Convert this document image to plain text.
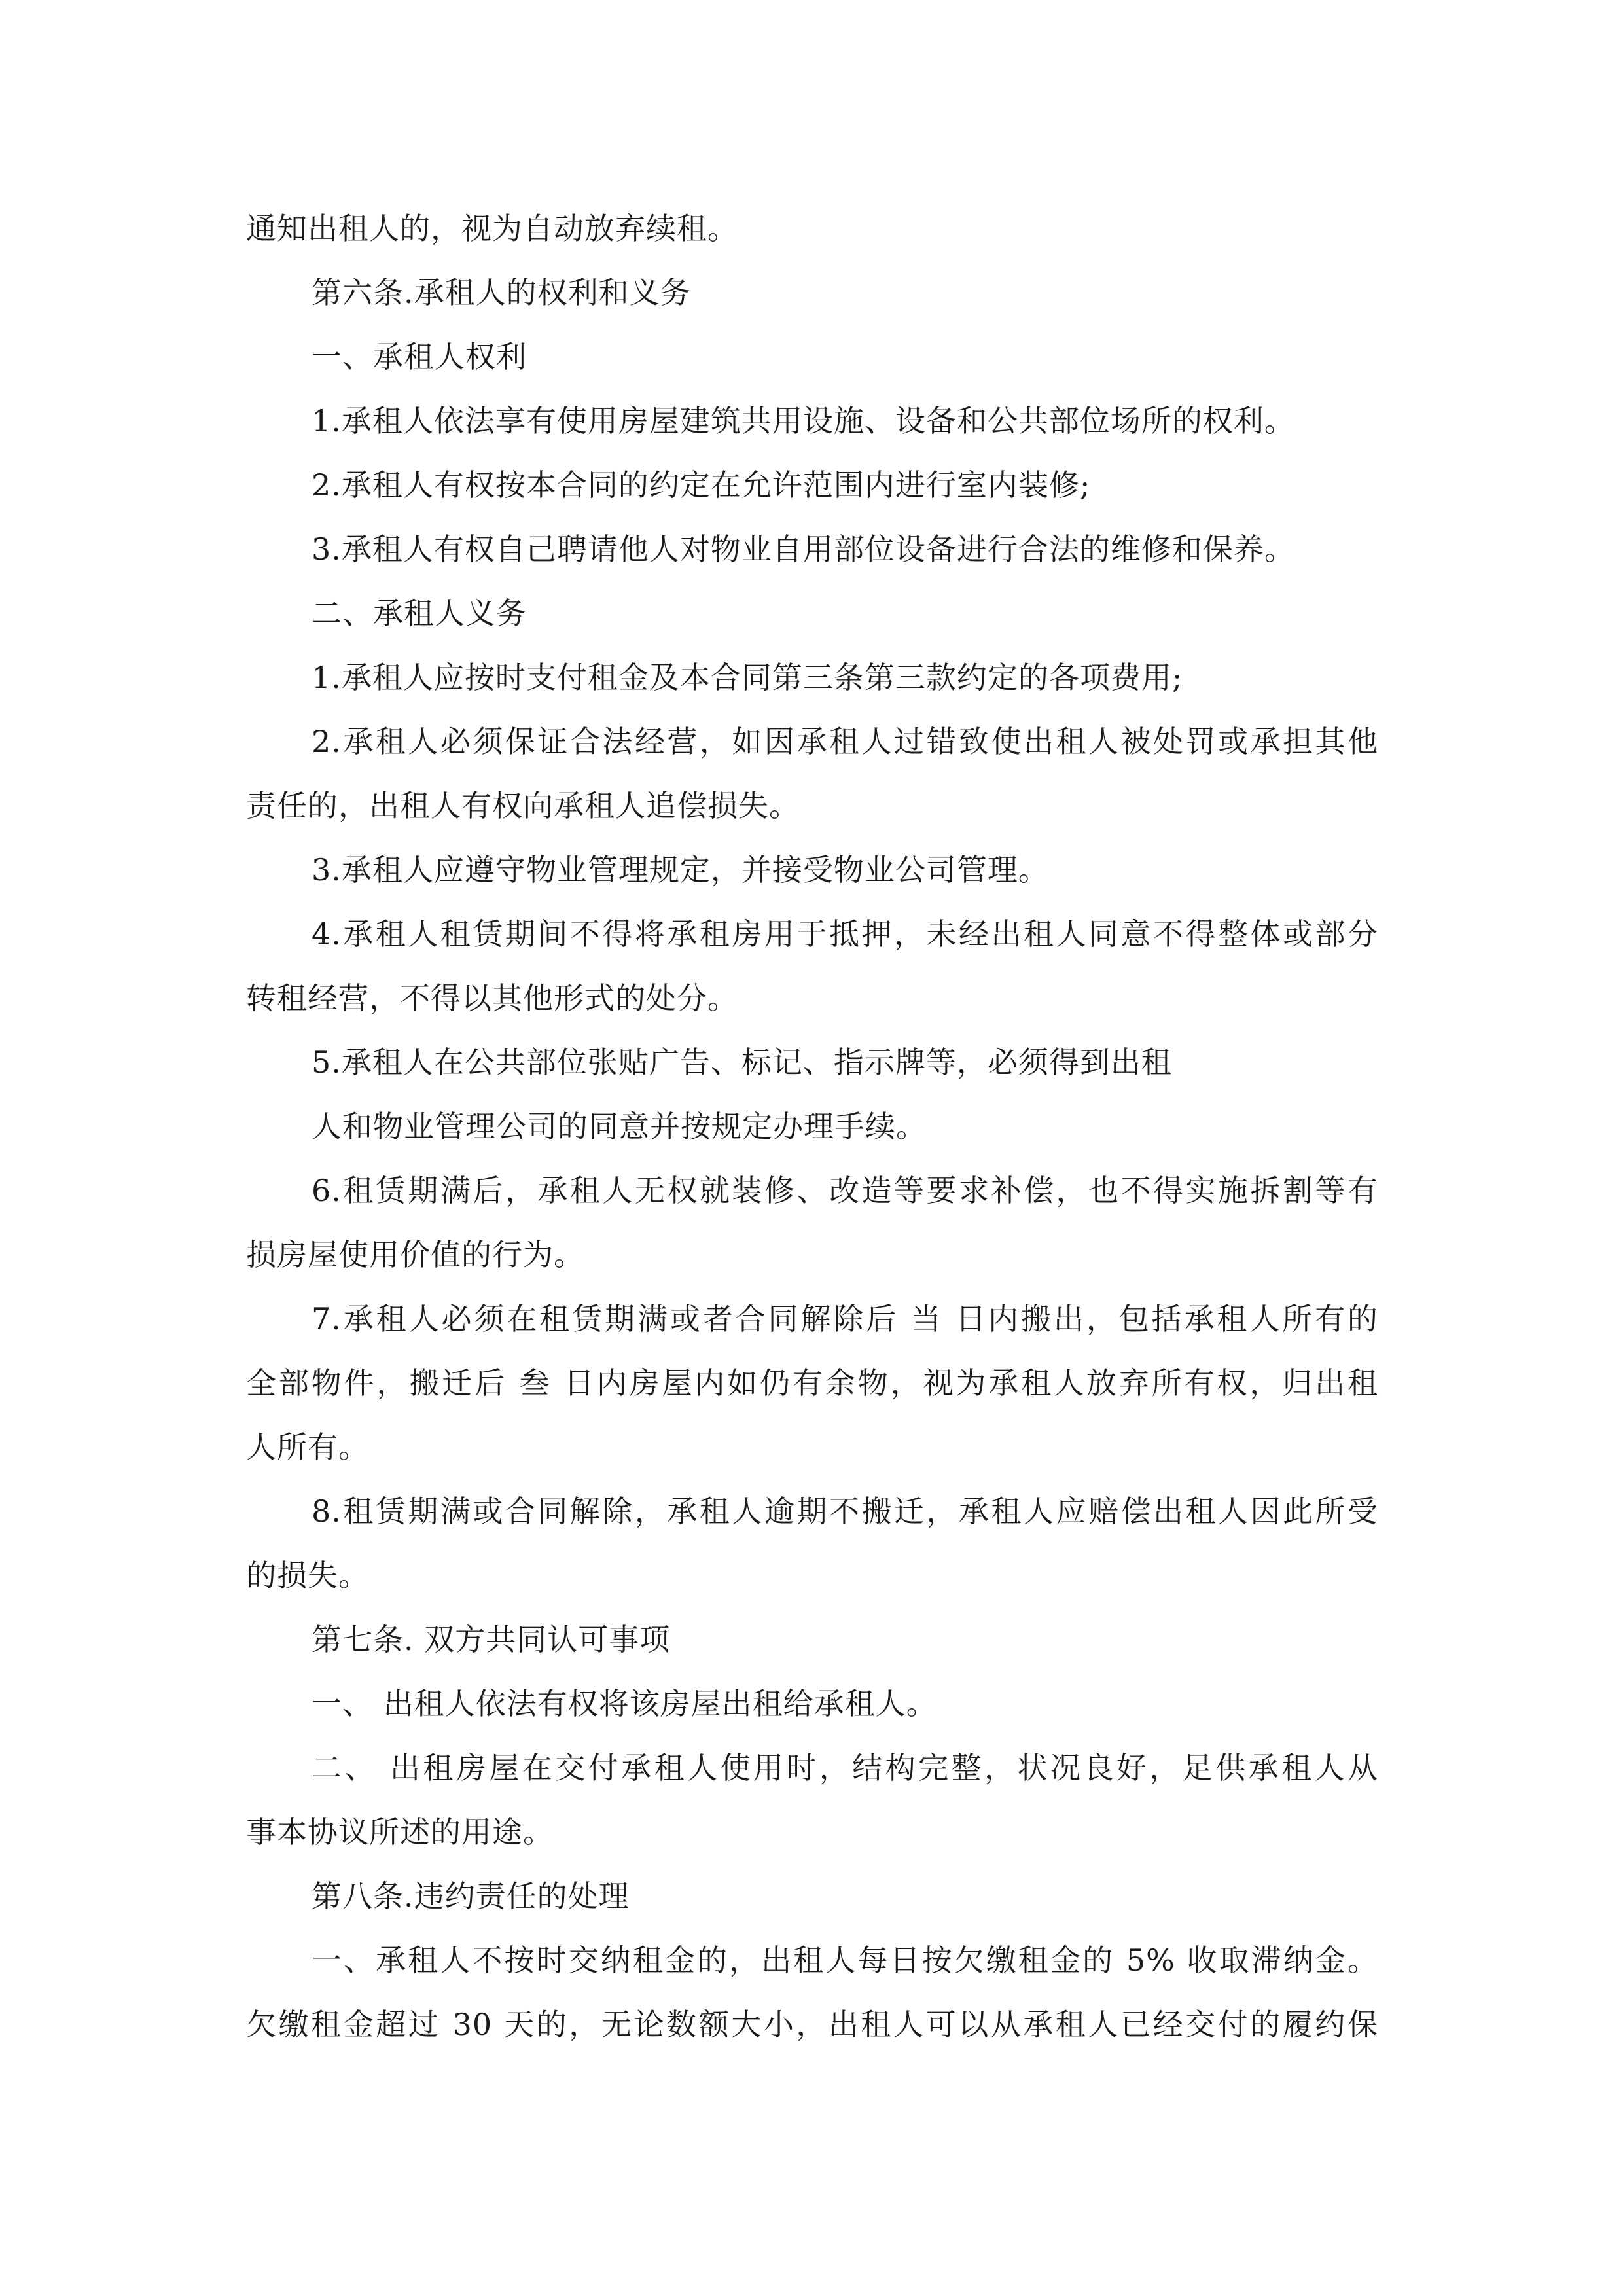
通知出租人的，视为自动放弃续租。
第六条.承租人的权利和义务
一、承租人权利
1.承租人依法享有使用房屋建筑共用设施、设备和公共部位场所的权利。
2.承租人有权按本合同的约定在允许范围内进行室内装修;
3.承租人有权自己聘请他人对物业自用部位设备进行合法的维修和保养。
二、承租人义务
1.承租人应按时支付租金及本合同第三条第三款约定的各项费用;
2.承租人必须保证合法经营，如因承租人过错致使出租人被处罚或承担其他
责任的，出租人有权向承租人追偿损失。
3.承租人应遵守物业管理规定，并接受物业公司管理。
4.承租人租赁期间不得将承租房用于抵押，未经出租人同意不得整体或部分
转租经营，不得以其他形式的处分。
5.承租人在公共部位张贴广告、标记、指示牌等，必须得到出租
人和物业管理公司的同意并按规定办理手续。
6.租赁期满后，承租人无权就装修、改造等要求补偿，也不得实施拆割等有
损房屋使用价值的行为。
7.承租人必须在租赁期满或者合同解除后 当 日内搬出，包括承租人所有的
全部物件，搬迁后 叁 日内房屋内如仍有余物，视为承租人放弃所有权，归出租
人所有。
8.租赁期满或合同解除，承租人逾期不搬迁，承租人应赔偿出租人因此所受
的损失。
第七条. 双方共同认可事项
一、 出租人依法有权将该房屋出租给承租人。
二、 出租房屋在交付承租人使用时，结构完整，状况良好，足供承租人从
事本协议所述的用途。
第八条.违约责任的处理
一、承租人不按时交纳租金的，出租人每日按欠缴租金的 5% 收取滞纳金。
欠缴租金超过 30 天的，无论数额大小，出租人可以从承租人已经交付的履约保
